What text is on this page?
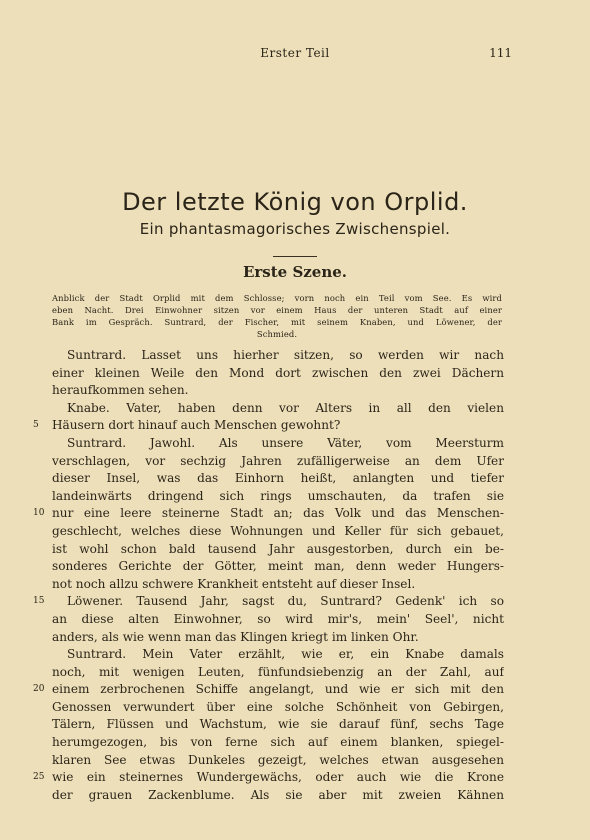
Erster Teil	111
Der letzte König von Orplid.
Ein phantasmagorisches Zwischenspiel.
Erste Szene.
Anblick der Stadt Orplid mit dem Schlosse; vorn noch ein Teil vom See. Es wird
eben Nacht. Drei Einwohner sitzen vor einem Haus der unteren Stadt auf einer
Bank im Gespräch. Suntrard, der Fischer, mit seinem Knaben, und Löwener, der
Schmied.
5
10
15
20
25
Suntrard. Lasset uns hierher sitzen, so werden wir nach
einer kleinen Weile den Mond dort zwischen den zwei Dächern
heraufkommen sehen.
Knabe. Vater, haben denn vor Alters in all den vielen
Häusern dort hinauf auch Menschen gewohnt?
Suntrard. Jawohl. Als unsere Väter, vom Meersturm
verschlagen, vor sechzig Jahren zufälligerweise an dem Ufer
dieser Insel, was das Einhorn heißt, anlangten und tiefer
landeinwärts dringend sich rings umschauten, da trafen sie
nur eine leere steinerne Stadt an; das Volk und das Menschen-
geschlecht, welches diese Wohnungen und Keller für sich gebauet,
ist wohl schon bald tausend Jahr ausgestorben, durch ein be-
sonderes Gerichte der Götter, meint man, denn weder Hungers-
not noch allzu schwere Krankheit entsteht auf dieser Insel.
Löwener. Tausend Jahr, sagst du, Suntrard? Gedenk' ich so
an diese alten Einwohner, so wird mir's, mein' Seel', nicht
anders, als wie wenn man das Klingen kriegt im linken Ohr.
Suntrard. Mein Vater erzählt, wie er, ein Knabe damals
noch, mit wenigen Leuten, fünfundsiebenzig an der Zahl, auf
einem zerbrochenen Schiffe angelangt, und wie er sich mit den
Genossen verwundert über eine solche Schönheit von Gebirgen,
Tälern, Flüssen und Wachstum, wie sie darauf fünf, sechs Tage
herumgezogen, bis von ferne sich auf einem blanken, spiegel-
klaren See etwas Dunkeles gezeigt, welches etwan ausgesehen
wie ein steinernes Wundergewächs, oder auch wie die Krone
der grauen Zackenblume. Als sie aber mit zweien Kähnen
